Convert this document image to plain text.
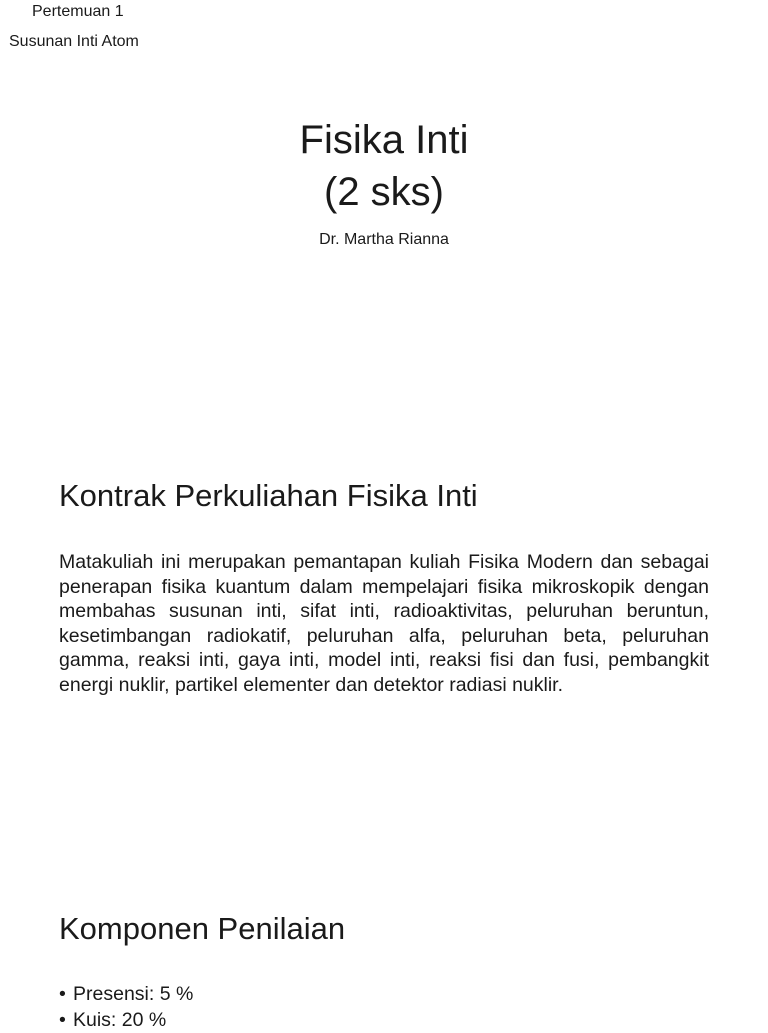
Pertemuan 1
Susunan Inti Atom
Fisika Inti
(2 sks)
Dr. Martha Rianna
Kontrak Perkuliahan Fisika Inti

Matakuliah ini merupakan pemantapan kuliah Fisika Modern dan sebagai penerapan fisika kuantum dalam mempelajari fisika mikroskopik dengan membahas susunan inti, sifat inti, radioaktivitas, peluruhan beruntun, kesetimbangan radiokatif, peluruhan alfa, peluruhan beta, peluruhan gamma, reaksi inti, gaya inti, model inti, reaksi fisi dan fusi, pembangkit energi nuklir, partikel elementer dan detektor radiasi nuklir.

Komponen Penilaian
• Presensi: 5 %
• Kuis: 20 %
